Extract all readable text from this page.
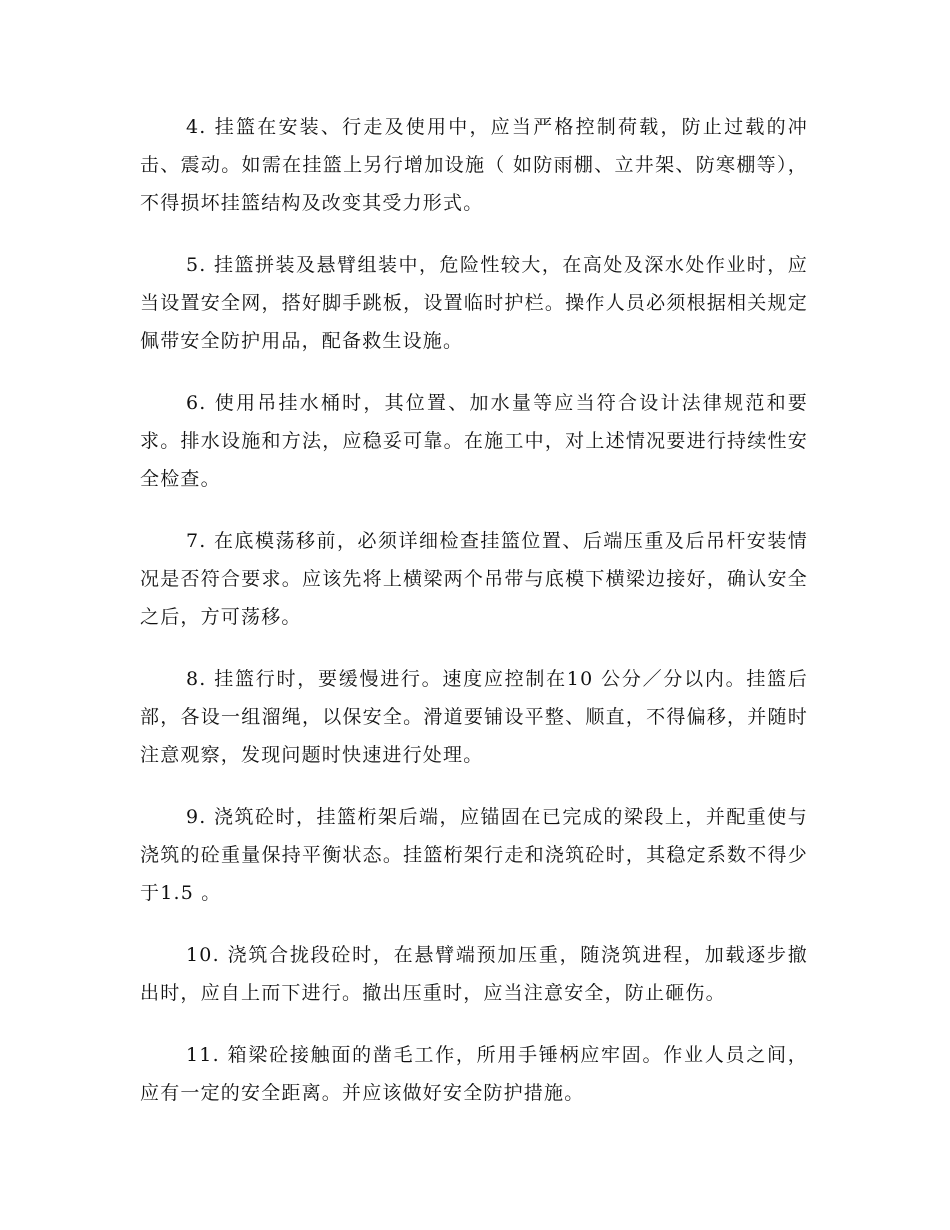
4. 挂篮在安装、行走及使用中，应当严格控制荷载，防止过载的冲击、震动。如需在挂篮上另行增加设施（ 如防雨棚、立井架、防寒棚等），不得损坏挂篮结构及改变其受力形式。

5. 挂篮拼装及悬臂组装中，危险性较大，在高处及深水处作业时，应当设置安全网，搭好脚手跳板，设置临时护栏。操作人员必须根据相关规定佩带安全防护用品，配备救生设施。

6. 使用吊挂水桶时，其位置、加水量等应当符合设计法律规范和要求。排水设施和方法，应稳妥可靠。在施工中，对上述情况要进行持续性安全检查。

7. 在底模荡移前，必须详细检查挂篮位置、后端压重及后吊杆安装情况是否符合要求。应该先将上横梁两个吊带与底模下横梁边接好，确认安全之后，方可荡移。

8. 挂篮行时，要缓慢进行。速度应控制在10 公分／分以内。挂篮后部，各设一组溜绳，以保安全。滑道要铺设平整、顺直，不得偏移，并随时注意观察，发现问题时快速进行处理。

9. 浇筑砼时，挂篮桁架后端，应锚固在已完成的梁段上，并配重使与浇筑的砼重量保持平衡状态。挂篮桁架行走和浇筑砼时，其稳定系数不得少于1.5 。

10. 浇筑合拢段砼时，在悬臂端预加压重，随浇筑进程，加载逐步撤出时，应自上而下进行。撤出压重时，应当注意安全，防止砸伤。

11. 箱梁砼接触面的凿毛工作，所用手锤柄应牢固。作业人员之间，应有一定的安全距离。并应该做好安全防护措施。
